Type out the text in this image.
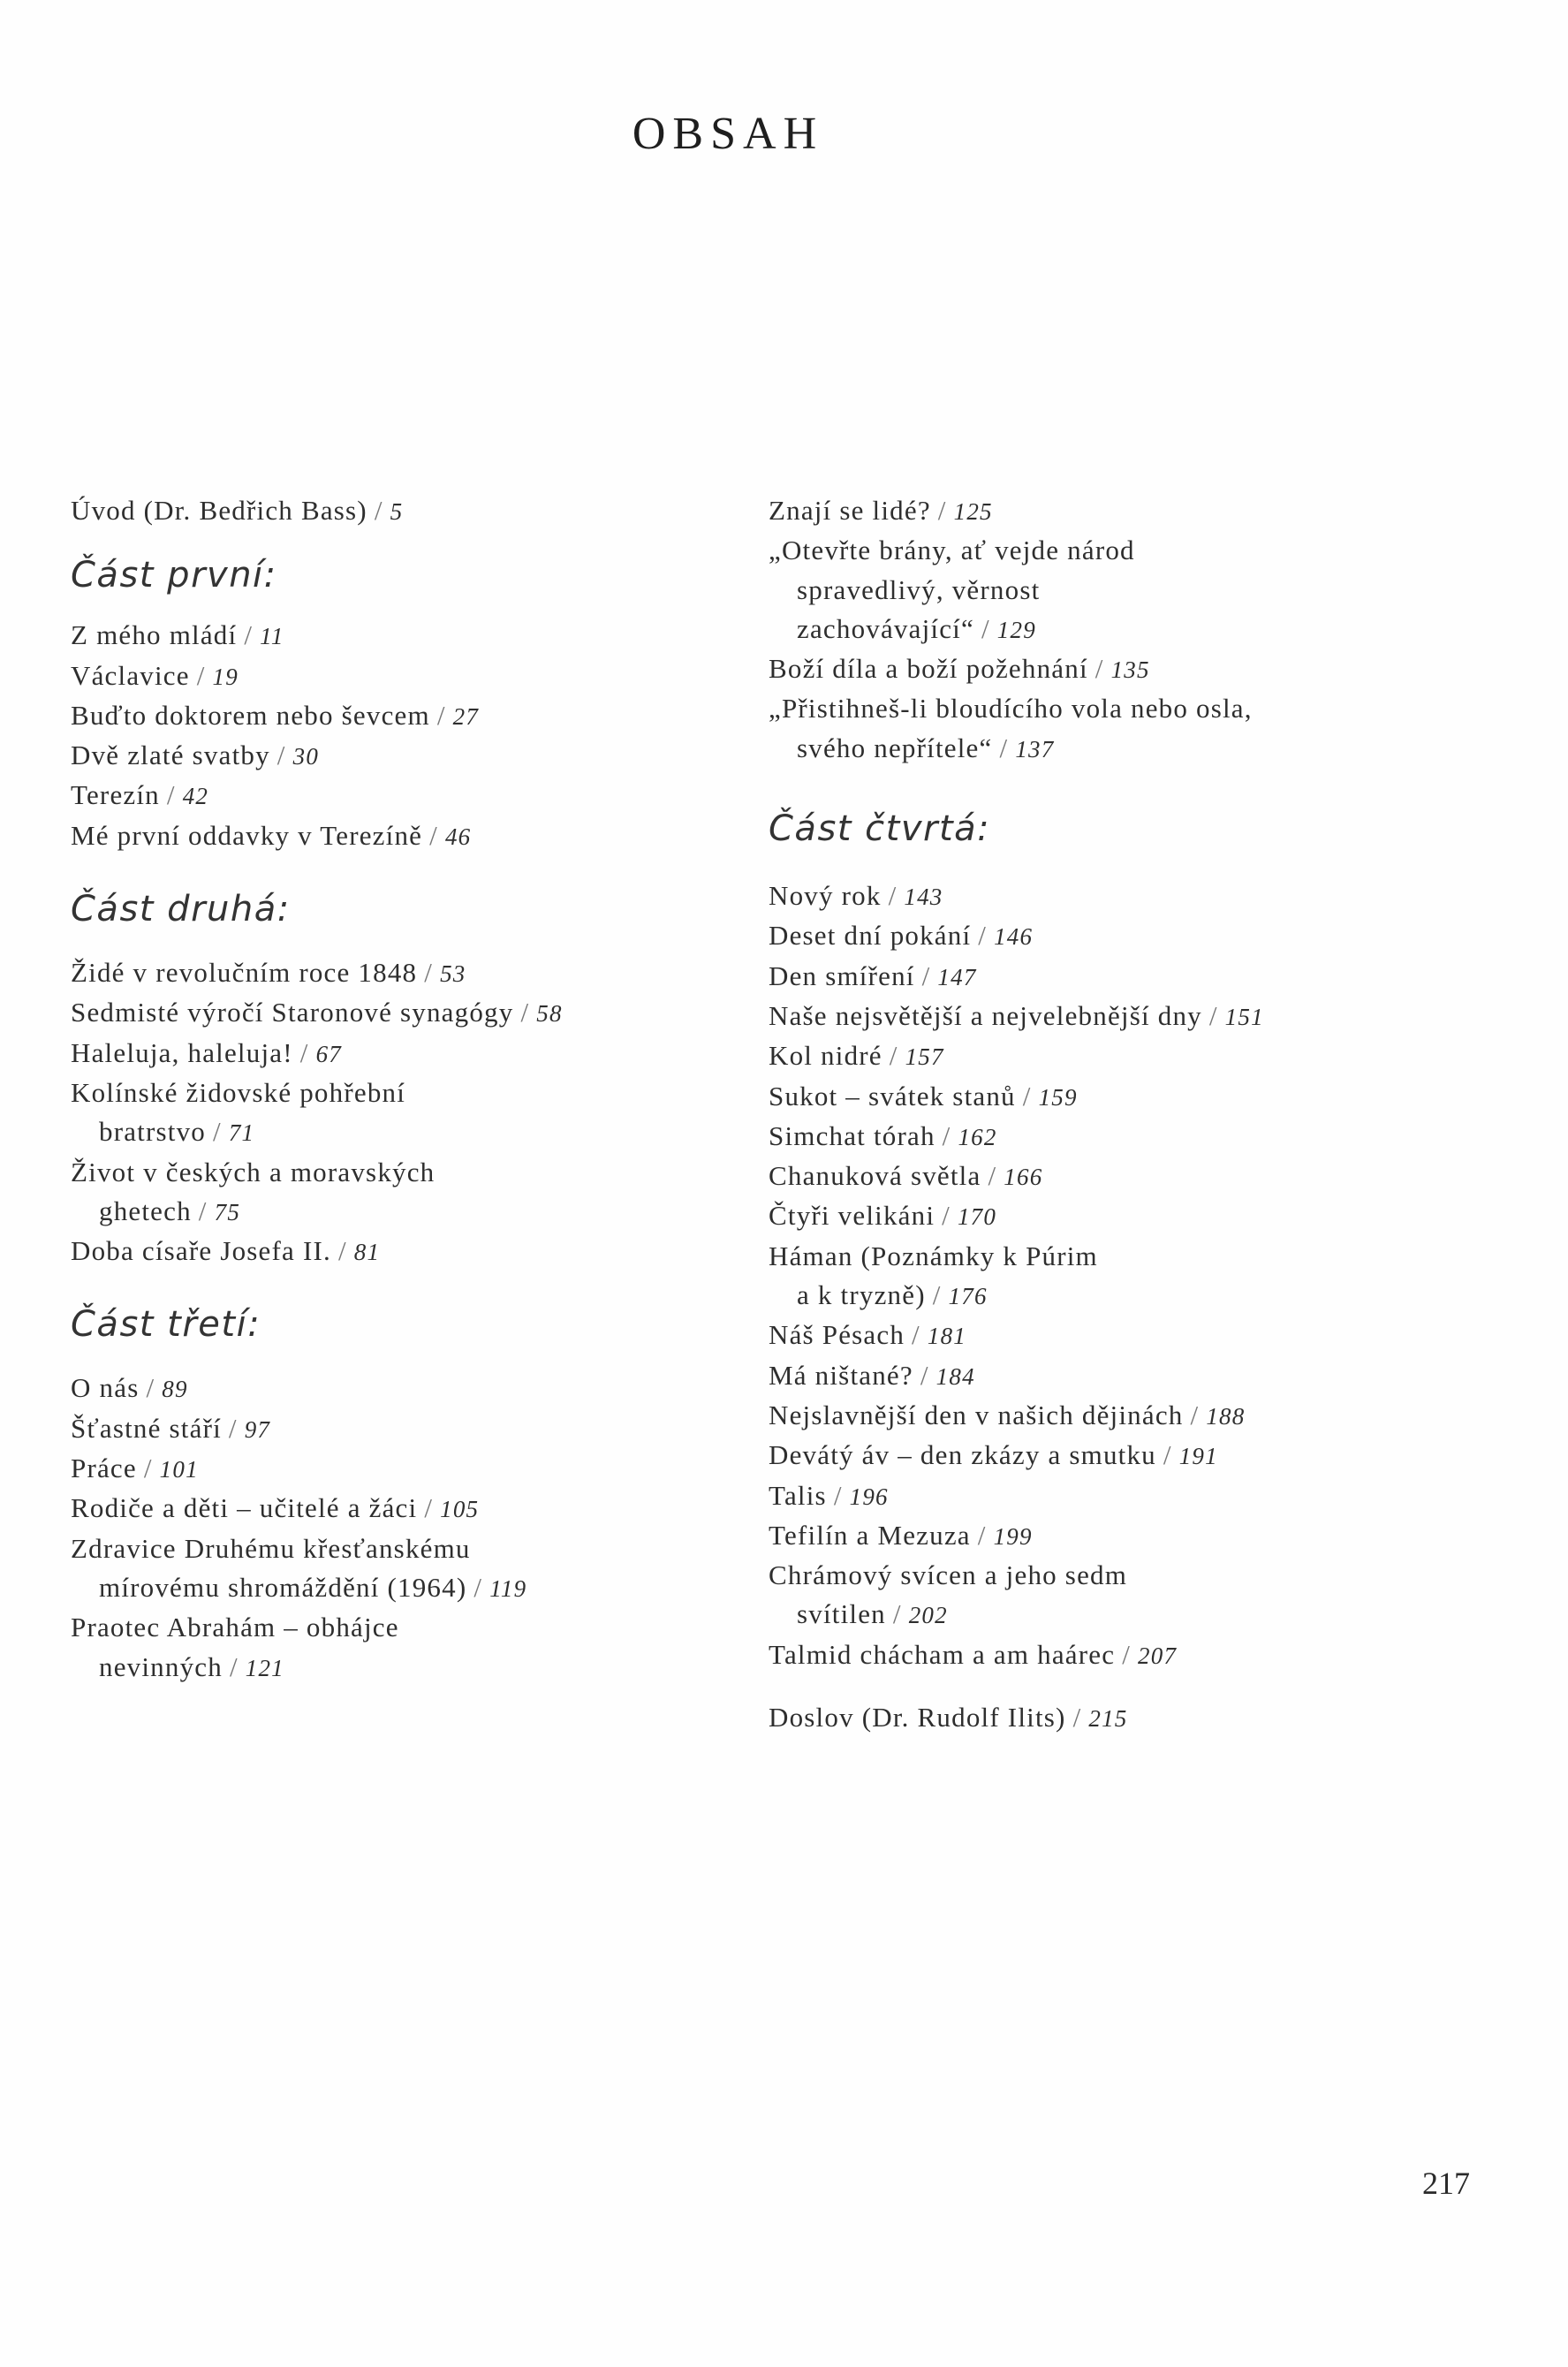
OBSAH
Úvod (Dr. Bedřich Bass) / 5
Část první:
Z mého mládí / 11
Václavice / 19
Buďto doktorem nebo ševcem / 27
Dvě zlaté svatby / 30
Terezín / 42
Mé první oddavky v Terezíně / 46
Část druhá:
Židé v revolučním roce 1848 / 53
Sedmisté výročí Staronové synagógy / 58
Haleluja, haleluja! / 67
Kolínské židovské pohřební
bratrstvo / 71
Život v českých a moravských
ghetech / 75
Doba císaře Josefa II. / 81
Část třetí:
O nás / 89
Šťastné stáří / 97
Práce / 101
Rodiče a děti – učitelé a žáci / 105
Zdravice Druhému křesťanskému
mírovému shromáždění (1964) / 119
Praotec Abrahám – obhájce
nevinných / 121
Znají se lidé? / 125
„Otevřte brány, ať vejde národ
spravedlivý, věrnost
zachovávající“ / 129
Boží díla a boží požehnání / 135
„Přistihneš-li bloudícího vola nebo osla,
svého nepřítele“ / 137
Část čtvrtá:
Nový rok / 143
Deset dní pokání / 146
Den smíření / 147
Naše nejsvětější a nejvelebnější dny / 151
Kol nidré / 157
Sukot – svátek stanů / 159
Simchat tórah / 162
Chanuková světla / 166
Čtyři velikáni / 170
Háman (Poznámky k Púrim
a k tryzně) / 176
Náš Pésach / 181
Má ništané? / 184
Nejslavnější den v našich dějinách / 188
Devátý áv – den zkázy a smutku / 191
Talis / 196
Tefilín a Mezuza / 199
Chrámový svícen a jeho sedm
svítilen / 202
Talmid chácham a am haárec / 207
Doslov (Dr. Rudolf Ilits) / 215
217
